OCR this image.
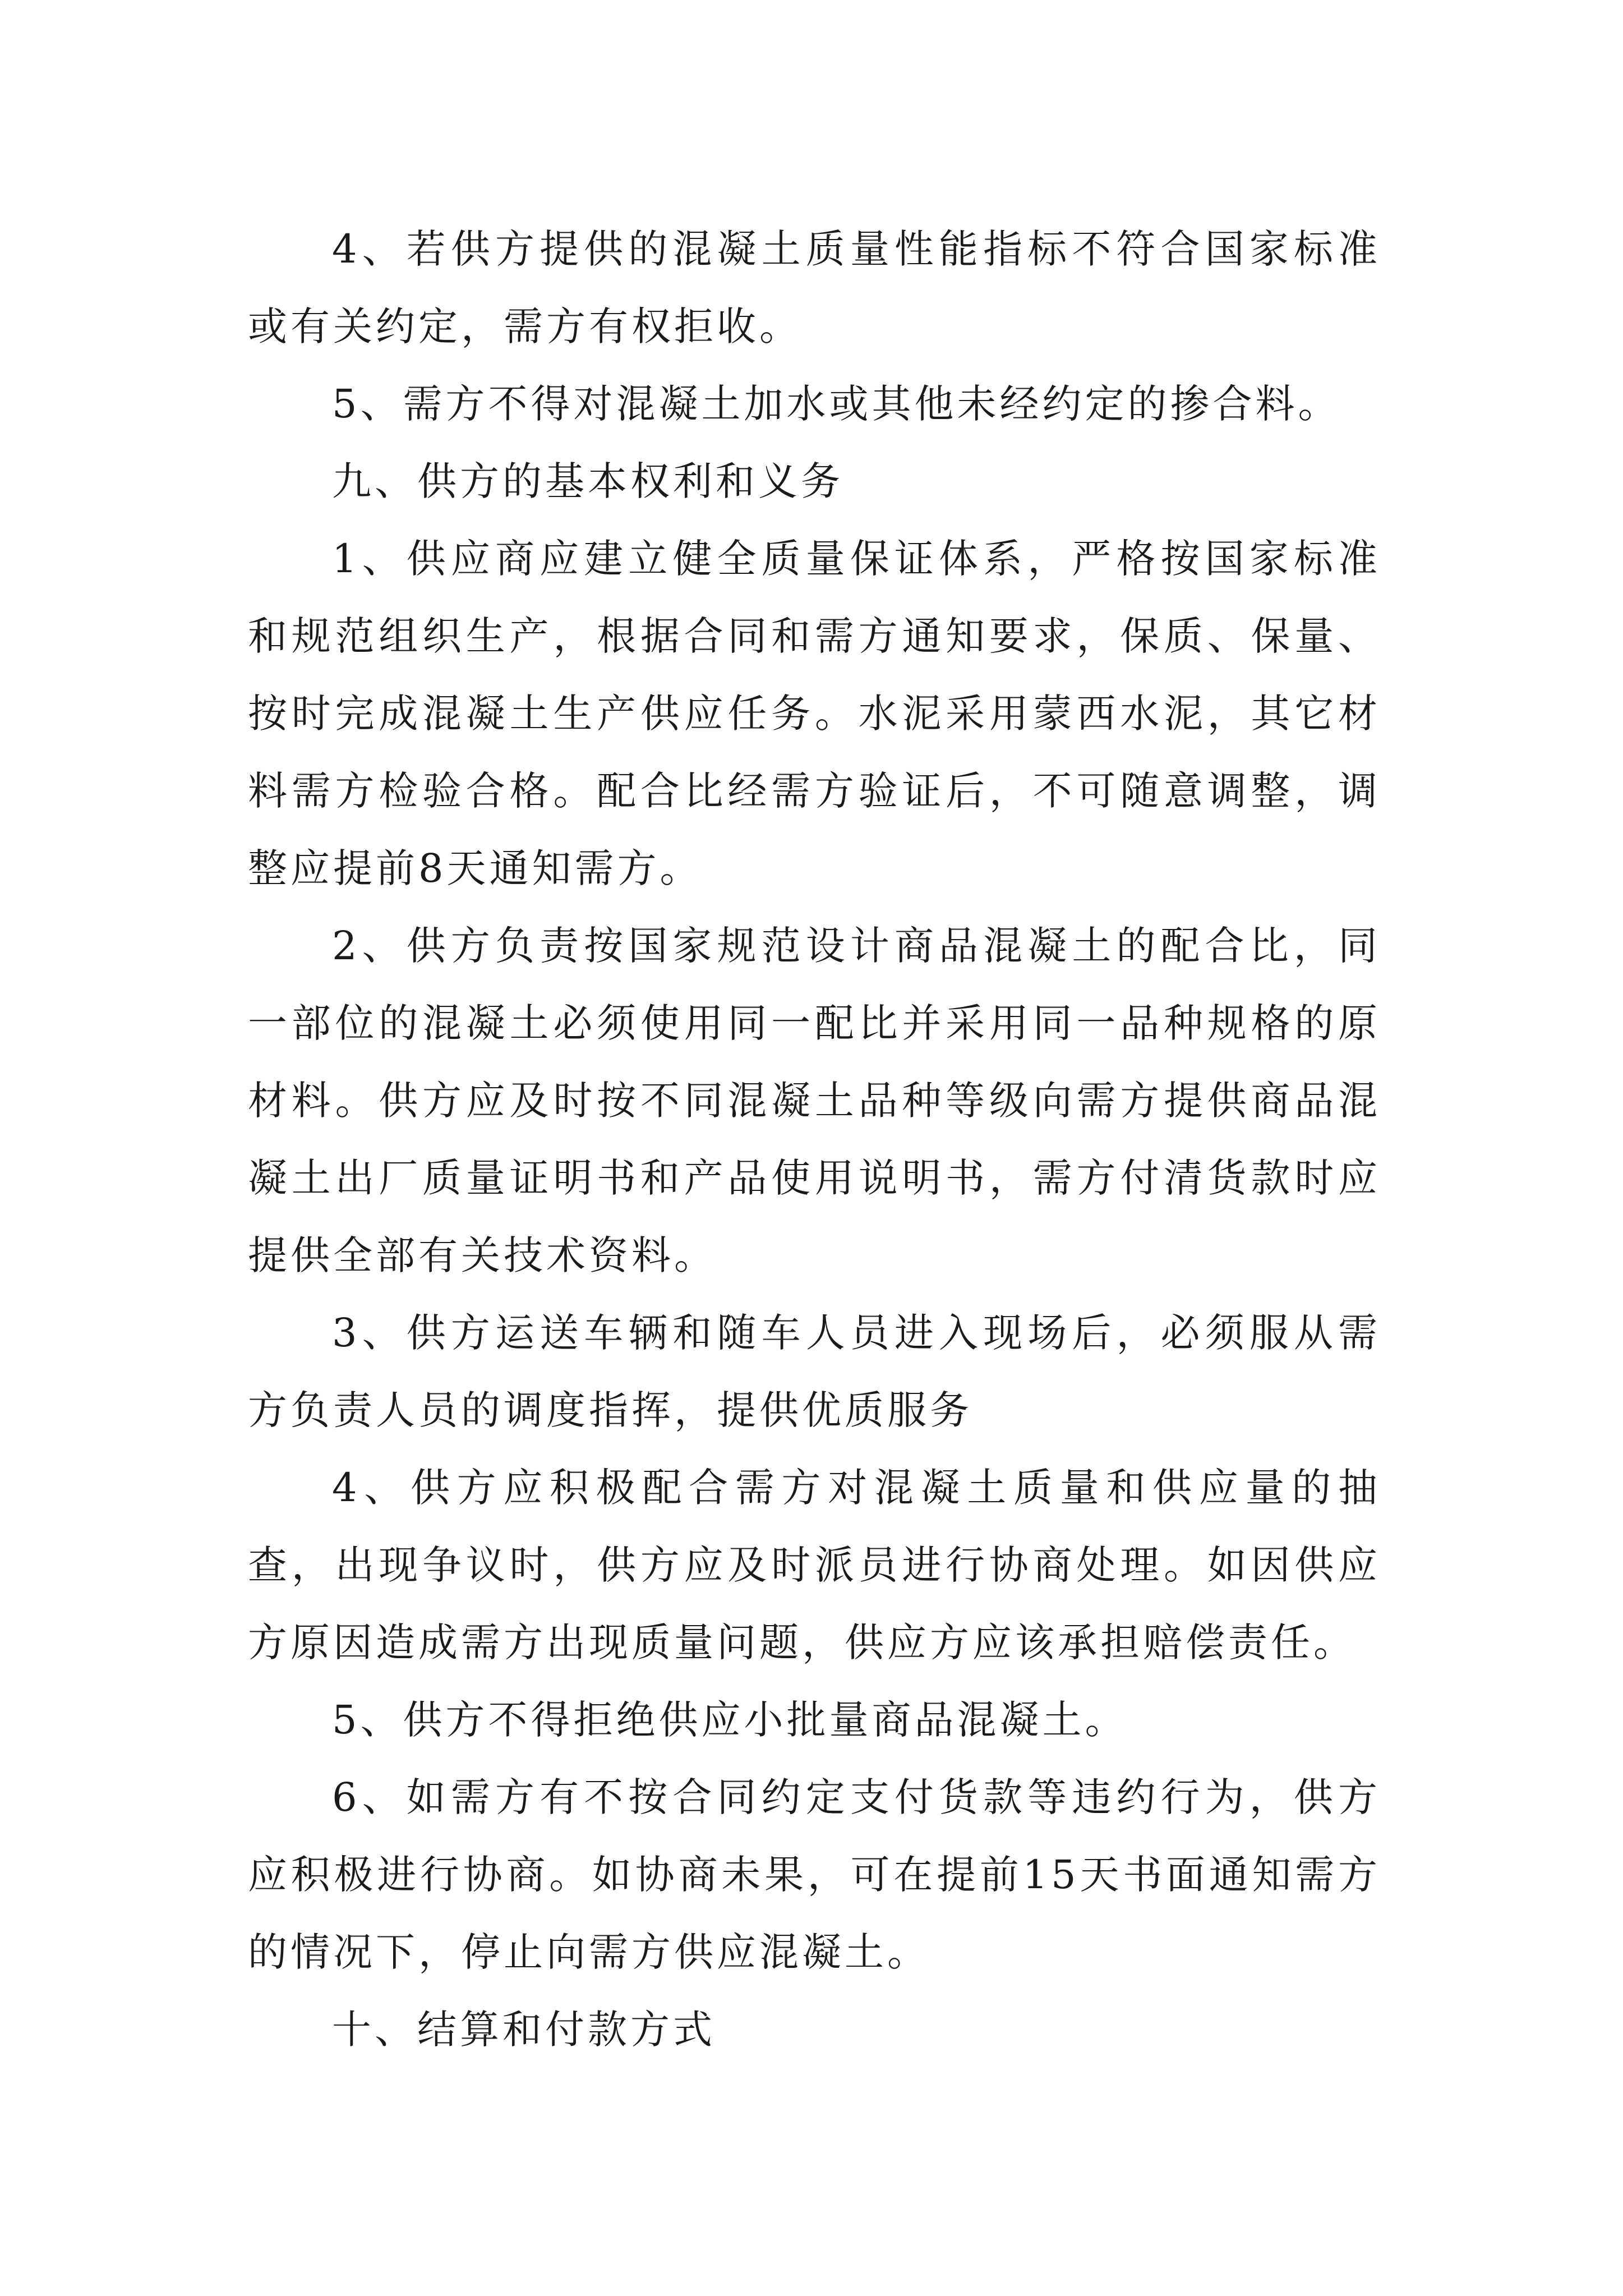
4、若供方提供的混凝土质量性能指标不符合国家标准或有关约定，需方有权拒收。

5、需方不得对混凝土加水或其他未经约定的掺合料。

九、供方的基本权利和义务

1、供应商应建立健全质量保证体系，严格按国家标准和规范组织生产，根据合同和需方通知要求，保质、保量、按时完成混凝土生产供应任务。水泥采用蒙西水泥，其它材料需方检验合格。配合比经需方验证后，不可随意调整，调整应提前8天通知需方。

2、供方负责按国家规范设计商品混凝土的配合比，同一部位的混凝土必须使用同一配比并采用同一品种规格的原材料。供方应及时按不同混凝土品种等级向需方提供商品混凝土出厂质量证明书和产品使用说明书，需方付清货款时应提供全部有关技术资料。

3、供方运送车辆和随车人员进入现场后，必须服从需方负责人员的调度指挥，提供优质服务

4、供方应积极配合需方对混凝土质量和供应量的抽查，出现争议时，供方应及时派员进行协商处理。如因供应方原因造成需方出现质量问题，供应方应该承担赔偿责任。

5、供方不得拒绝供应小批量商品混凝土。

6、如需方有不按合同约定支付货款等违约行为，供方应积极进行协商。如协商未果，可在提前15天书面通知需方的情况下，停止向需方供应混凝土。

十、结算和付款方式
